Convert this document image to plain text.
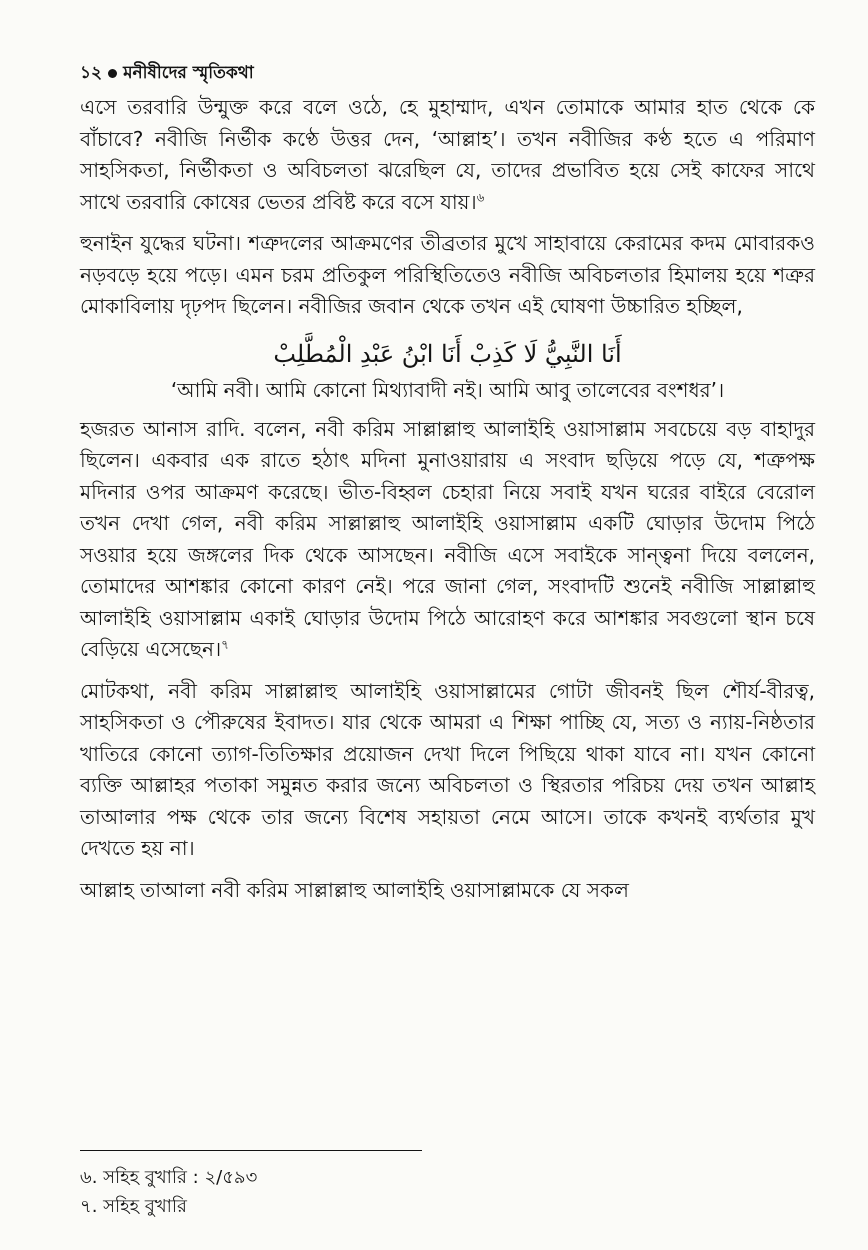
১২ মনীষীদের স্মৃতিকথা

এসে তরবারি উন্মুক্ত করে বলে ওঠে, হে মুহাম্মাদ, এখন তোমাকে আমার হাত থেকে কে বাঁচাবে? নবীজি নির্ভীক কণ্ঠে উত্তর দেন, ‘আল্লাহ’। তখন নবীজির কণ্ঠ হতে এ পরিমাণ সাহসিকতা, নির্ভীকতা ও অবিচলতা ঝরেছিল যে, তাদের প্রভাবিত হয়ে সেই কাফের সাথে সাথে তরবারি কোষের ভেতর প্রবিষ্ট করে বসে যায়।$^৬$

হুনাইন যুদ্ধের ঘটনা। শত্রুদলের আক্রমণের তীব্রতার মুখে সাহাবায়ে কেরামের কদম মোবারকও নড়বড়ে হয়ে পড়ে। এমন চরম প্রতিকুল পরিস্থিতিতেও নবীজি অবিচলতার হিমালয় হয়ে শত্রুর মোকাবিলায় দৃঢ়পদ ছিলেন। নবীজির জবান থেকে তখন এই ঘোষণা উচ্চারিত হচ্ছিল,

أَنَا النَّبِيُّ لَا كَذِبْ أَنَا ابْنُ عَبْدِ الْمُطَّلِبْ
‘আমি নবী। আমি কোনো মিথ্যাবাদী নই। আমি আবু তালেবের বংশধর’।

হজরত আনাস রাদি. বলেন, নবী করিম সাল্লাল্লাহু আলাইহি ওয়াসাল্লাম সবচেয়ে বড় বাহাদুর ছিলেন। একবার এক রাতে হঠাৎ মদিনা মুনাওয়ারায় এ সংবাদ ছড়িয়ে পড়ে যে, শত্রুপক্ষ মদিনার ওপর আক্রমণ করেছে। ভীত-বিহ্বল চেহারা নিয়ে সবাই যখন ঘরের বাইরে বেরোল তখন দেখা গেল, নবী করিম সাল্লাল্লাহু আলাইহি ওয়াসাল্লাম একটি ঘোড়ার উদোম পিঠে সওয়ার হয়ে জঙ্গলের দিক থেকে আসছেন। নবীজি এসে সবাইকে সান্ত্বনা দিয়ে বললেন, তোমাদের আশঙ্কার কোনো কারণ নেই। পরে জানা গেল, সংবাদটি শুনেই নবীজি সাল্লাল্লাহু আলাইহি ওয়াসাল্লাম একাই ঘোড়ার উদোম পিঠে আরোহণ করে আশঙ্কার সবগুলো স্থান চষে বেড়িয়ে এসেছেন।$^৭$

মোটকথা, নবী করিম সাল্লাল্লাহু আলাইহি ওয়াসাল্লামের গোটা জীবনই ছিল শৌর্য-বীরত্ব, সাহসিকতা ও পৌরুষের ইবাদত। যার থেকে আমরা এ শিক্ষা পাচ্ছি যে, সত্য ও ন্যায়-নিষ্ঠতার খাতিরে কোনো ত্যাগ-তিতিক্ষার প্রয়োজন দেখা দিলে পিছিয়ে থাকা যাবে না। যখন কোনো ব্যক্তি আল্লাহর পতাকা সমুন্নত করার জন্যে অবিচলতা ও স্থিরতার পরিচয় দেয় তখন আল্লাহ তাআলার পক্ষ থেকে তার জন্যে বিশেষ সহায়তা নেমে আসে। তাকে কখনই ব্যর্থতার মুখ দেখতে হয় না।

আল্লাহ তাআলা নবী করিম সাল্লাল্লাহু আলাইহি ওয়াসাল্লামকে যে সকল

৬. সহিহ বুখারি : ২/৫৯৩
৭. সহিহ বুখারি
